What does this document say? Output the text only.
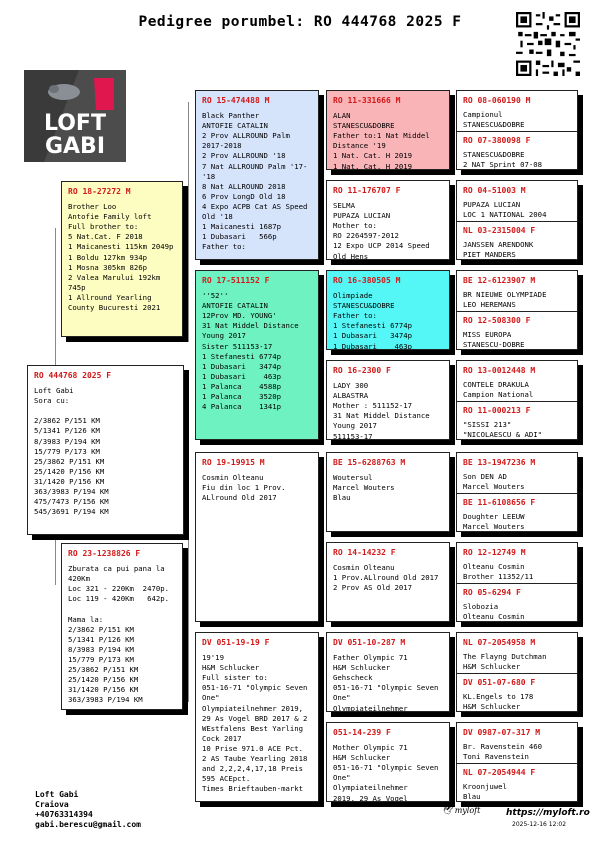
Pedigree porumbel: RO 444768 2025 F
LOFT
GABI
RO 444768 2025 F
Loft Gabi
Sora cu:

2/3862 P/151 KM
5/1341 P/126 KM
8/3983 P/194 KM
15/779 P/173 KM
25/3862 P/151 KM
25/1420 P/156 KM
31/1420 P/156 KM
363/3983 P/194 KM
475/7473 P/156 KM
545/3691 P/194 KM
RO 18-27272 M
Brother Loo
Antofie Family loft
Full brother to:
5 Nat.Cat. F 2018
1 Maicanesti 115km 2049p
1 Boldu 127km 934p
1 Mosna 305km 826p
2 Valea Marului 192km 745p
1 Allround Yearling County Bucuresti 2021
RO 23-1238826 F
Zburata ca pui pana la 420Km
Loc 321 - 220Km  2470p.
Loc 119 - 420Km   642p.

Mama la:
2/3862 P/151 KM
5/1341 P/126 KM
8/3983 P/194 KM
15/779 P/173 KM
25/3862 P/151 KM
25/1420 P/156 KM
31/1420 P/156 KM
363/3983 P/194 KM
RO 15-474488 M
Black Panther
ANTOFIE CATALIN
2 Prov ALLROUND Palm 2017-2018
2 Prov ALLROUND '18
7 Nat ALLROUND Palm '17-'18
8 Nat ALLROUND 2018
6 Prov LongD Old 18
4 Expo ACPB Cat AS Speed Old '18
1 Maicanesti 1687p
1 Dubasari   566p
Father to:
RO 17-511152 F
''52''
ANTOFIE CATALIN
12Prov MD. YOUNG'
31 Nat Middel Distance Young 2017
Sister 511153-17
1 Stefanesti 6774p
1 Dubasari   3474p
1 Dubasari    463p
1 Palanca    4588p
1 Palanca    3520p
4 Palanca    1341p
RO 19-19915 M
Cosmin Olteanu
Fiu din loc 1 Prov. ALlround Old 2017
DV 051-19-19 F
19'19
H&M Schlucker
Full sister to:
051-16-71 "Olympic Seven One"
Olympiateilnehmer 2019, 29 As Vogel BRD 2017 & 2 WEstfalens Best Yarling Cock 2017
10 Prise 971.0 ACE Pct.
2 AS Taube Yearling 2018 and 2,2,2,4,17,18 Preis 595 ACEpct.
Times Brieftauben-markt
RO 11-331666 M
ALAN
STANESCU&DOBRE
Father to:1 Nat Middel Distance '19
1 Nat. Cat. H 2019
1 Nat. Cat. H 2019
RO 11-176707 F
SELMA
PUPAZA LUCIAN
Mother to:
RO 2264597-2012
12 Expo UCP 2014 Speed Old Hens
RO 16-380505 M
Olimpiade
STANESCU&DOBRE
Father to:
1 Stefanesti 6774p
1 Dubasari   3474p
1 Dubasari    463p
RO 16-2300 F
LADY 300
ALBASTRA
Mother : 511152-17
31 Nat Middel Distance Young 2017
511153-17
BE 15-6288763 M
Woutersul
Marcel Wouters
Blau
RO 14-14232 F
Cosmin Olteanu
1 Prov.ALlround Old 2017
2 Prov AS Old 2017
DV 051-10-287 M
Father Olympic 71
H&M Schlucker
Gehscheck
051-16-71 "Olympic Seven One"
Olympiateilnehmer
051-14-239 F
Mother Olympic 71
H&M Schlucker
051-16-71 "Olympic Seven One"
Olympiateilnehmer
2019, 29 As Vogel
RO 08-060190 M
Campionul
STANESCU&DOBRE
RO 07-380098 F
STANESCU&DOBRE
2 NAT Sprint 07-08
RO 04-51003 M
PUPAZA LUCIAN
LOC 1 NATIONAL 2004
NL 03-2315004 F
JANSSEN ARENDONK
PIET MANDERS
BE 12-6123907 M
BR NIEUWE OLYMPIADE
LEO HEREMANS
RO 12-508300 F
MISS EUROPA
STANESCU-DOBRE
RO 13-0012448 M
CONTELE DRAKULA
Campion National
RO 11-000213 F
"SISSI 213"
"NICOLAESCU & ADI"
BE 13-1947236 M
Son DEN AD
Marcel Wouters
BE 11-6108656 F
Doughter LEEUW
Marcel Wouters
RO 12-12749 M
Olteanu Cosmin
Brother 11352/11
RO 05-6294 F
Slobozia
Olteanu Cosmin
NL 07-2054958 M
The Flayng Dutchman
H&M Schlucker
DV 051-07-680 F
KL.Engels to 178
H&M Schlucker
DV 0987-07-317 M
Br. Ravenstein 460
Toni Ravenstein
NL 07-2054944 F
Kroonjuwel
Blau
Loft Gabi
Craiova
+40763314394
gabi.berescu@gmail.com
🕊 myloft	https://myloft.ro
2025-12-16 12:02
